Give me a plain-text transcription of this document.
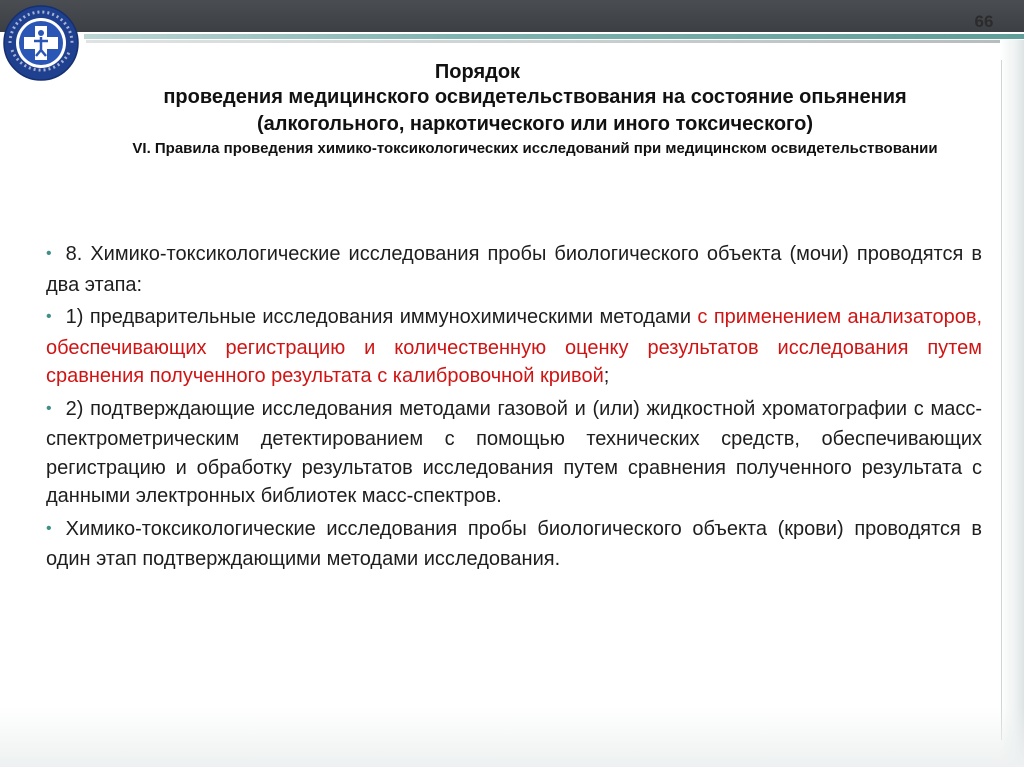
66
Порядок
проведения медицинского освидетельствования на состояние опьянения
(алкогольного, наркотического или иного токсического)
VI. Правила проведения химико-токсикологических исследований при медицинском освидетельствовании

• 8. Химико-токсикологические исследования пробы биологического объекта (мочи) проводятся в два этапа:

• 1) предварительные исследования иммунохимическими методами с применением анализаторов, обеспечивающих регистрацию и количественную оценку результатов исследования путем сравнения полученного результата с калибровочной кривой;

• 2) подтверждающие исследования методами газовой и (или) жидкостной хроматографии с масс-спектрометрическим детектированием с помощью технических средств, обеспечивающих регистрацию и обработку результатов исследования путем сравнения полученного результата с данными электронных библиотек масс-спектров.

• Химико-токсикологические исследования пробы биологического объекта (крови) проводятся в один этап подтверждающими методами исследования.
